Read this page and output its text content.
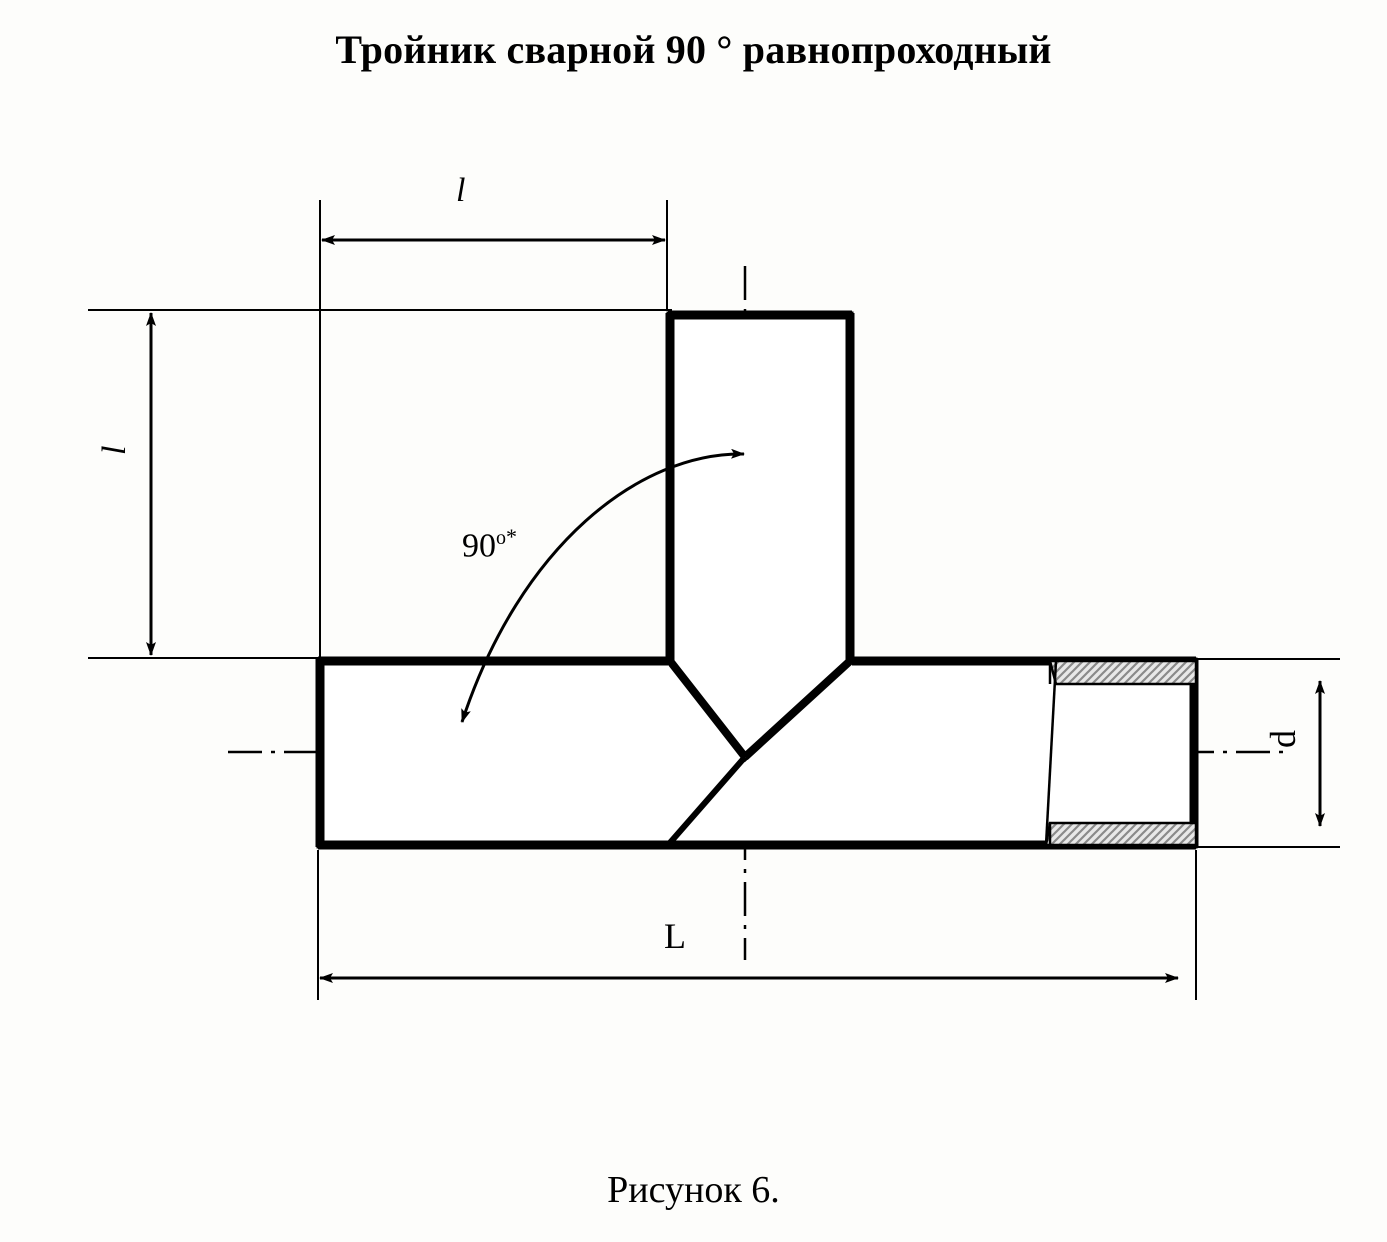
Тройник сварной 90 ° равнопроходный
l
l
L
d
$90^{o*}$
Рисунок 6.
